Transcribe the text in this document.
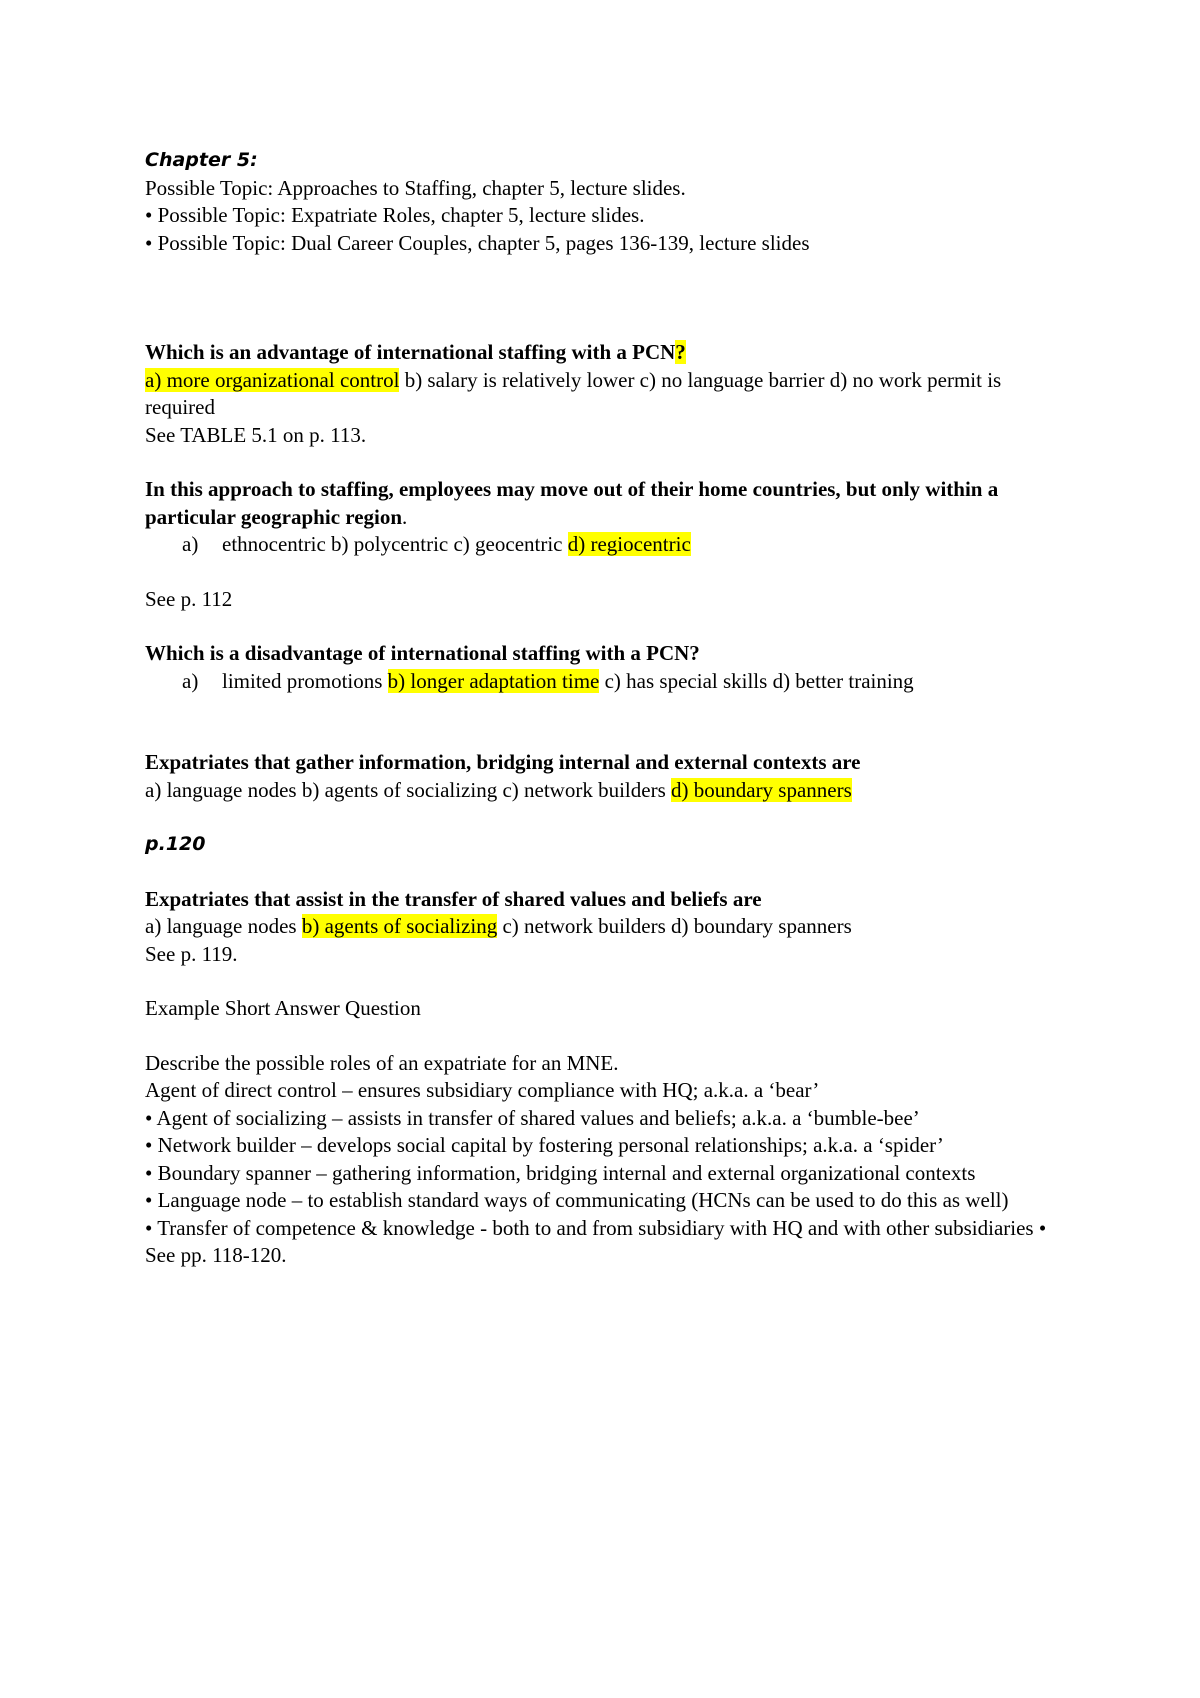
Chapter 5:

Possible Topic: Approaches to Staffing, chapter 5, lecture slides.

• Possible Topic: Expatriate Roles, chapter 5, lecture slides.

• Possible Topic: Dual Career Couples, chapter 5, pages 136-139, lecture slides

Which is an advantage of international staffing with a PCN?

a) more organizational control b) salary is relatively lower c) no language barrier d) no work permit is required

See TABLE 5.1 on p. 113.

In this approach to staffing, employees may move out of their home countries, but only within a particular geographic region.

a) ethnocentric b) polycentric c) geocentric d) regiocentric

See p. 112

Which is a disadvantage of international staffing with a PCN?

a) limited promotions b) longer adaptation time c) has special skills d) better training

Expatriates that gather information, bridging internal and external contexts are

a) language nodes b) agents of socializing c) network builders d) boundary spanners

p.120

Expatriates that assist in the transfer of shared values and beliefs are

a) language nodes b) agents of socializing c) network builders d) boundary spanners

See p. 119.

Example Short Answer Question

Describe the possible roles of an expatriate for an MNE.

Agent of direct control – ensures subsidiary compliance with HQ; a.k.a. a ‘bear’

• Agent of socializing – assists in transfer of shared values and beliefs; a.k.a. a ‘bumble-bee’

• Network builder – develops social capital by fostering personal relationships; a.k.a. a ‘spider’

• Boundary spanner – gathering information, bridging internal and external organizational contexts

• Language node – to establish standard ways of communicating (HCNs can be used to do this as well)

• Transfer of competence & knowledge - both to and from subsidiary with HQ and with other subsidiaries • See pp. 118-120.
